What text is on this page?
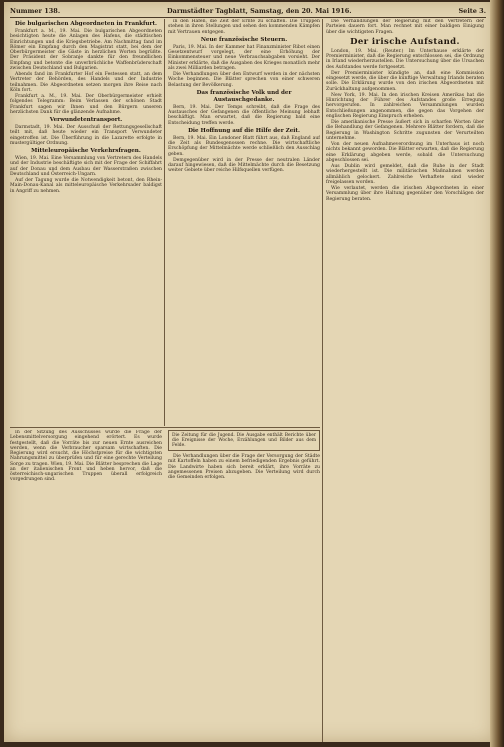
Nummer 138.	Darmstädter Tagblatt, Samstag, den 20. Mai 1916.	Seite 3.
Die bulgarischen Abgeordneten in Frankfurt.

Frankfurt a. M., 19. Mai. Die bulgarischen Abgeordneten besichtigten heute die Anlagen des Hafens, die städtischen Einrichtungen und die Kriegsbetriebe. Am Nachmittag fand im Römer ein Empfang durch den Magistrat statt, bei dem der Oberbürgermeister die Gäste in herzlichen Worten begrüßte. Der Präsident der Sobranje dankte für den freundlichen Empfang und betonte die unverbrüchliche Waffenbrüderschaft zwischen Deutschland und Bulgarien.

Abends fand im Frankfurter Hof ein Festessen statt, an dem Vertreter der Behörden, des Handels und der Industrie teilnahmen. Die Abgeordneten setzen morgen ihre Reise nach Köln fort.

Frankfurt a. M., 19. Mai. Der Oberbürgermeister erhielt folgendes Telegramm: Beim Verlassen der schönen Stadt Frankfurt sagen wir Ihnen und den Bürgern unseren herzlichsten Dank für die glänzende Aufnahme.

Verwundetentransport.

Darmstadt, 19. Mai. Der Ausschuß der Rettungsgesellschaft teilt mit, daß heute wieder ein Transport Verwundeter eingetroffen ist. Die Überführung in die Lazarette erfolgte in mustergültiger Ordnung.

Mitteleuropäische Verkehrsfragen.

Wien, 19. Mai. Eine Versammlung von Vertretern des Handels und der Industrie beschäftigte sich mit der Frage der Schiffahrt auf der Donau und dem Ausbau der Wasserstraßen zwischen Deutschland und Österreich-Ungarn.

Auf der Tagung wurde die Notwendigkeit betont, den Rhein-Main-Donau-Kanal als mitteleuropäische Verkehrsader baldigst in Angriff zu nehmen.

in den Hafen, die Zeit der Ernte zu schaffen. Die Truppen stehen in ihren Stellungen und sehen den kommenden Kämpfen mit Vertrauen entgegen.

Neue französische Steuern.

Paris, 19. Mai. In der Kammer hat Finanzminister Ribot einen Gesetzentwurf vorgelegt, der eine Erhöhung der Einkommensteuer und neue Verbrauchsabgaben vorsieht. Der Minister erklärte, daß die Ausgaben des Krieges monatlich mehr als zwei Milliarden betragen.

Die Verhandlungen über den Entwurf werden in der nächsten Woche beginnen. Die Blätter sprechen von einer schweren Belastung der Bevölkerung.

Das französische Volk und der Austauschgedanke.

Bern, 19. Mai. Der Temps schreibt, daß die Frage des Austausches der Gefangenen die öffentliche Meinung lebhaft beschäftigt. Man erwartet, daß die Regierung bald eine Entscheidung treffen werde.

Die Hoffnung auf die Hilfe der Zeit.

Bern, 19. Mai. Ein Londoner Blatt führt aus, daß England auf die Zeit als Bundesgenossen rechne. Die wirtschaftliche Erschöpfung der Mittelmächte werde schließlich den Ausschlag geben.

Demgegenüber wird in der Presse der neutralen Länder darauf hingewiesen, daß die Mittelmächte durch die Besetzung weiter Gebiete über reiche Hilfsquellen verfügen.

Die Verhandlungen der Regierung mit den Vertretern der Parteien dauern fort. Man rechnet mit einer baldigen Einigung über die wichtigsten Fragen.

Der irische Aufstand.

London, 19. Mai. (Reuter.) Im Unterhause erklärte der Premierminister, daß die Regierung entschlossen sei, die Ordnung in Irland wiederherzustellen. Die Untersuchung über die Ursachen des Aufstandes werde fortgesetzt.

Der Premierminister kündigte an, daß eine Kommission eingesetzt werde, die über die künftige Verwaltung Irlands beraten solle. Die Erklärung wurde von den irischen Abgeordneten mit Zurückhaltung aufgenommen.

New York, 19. Mai. In den irischen Kreisen Amerikas hat die Hinrichtung der Führer des Aufstandes große Erregung hervorgerufen. In zahlreichen Versammlungen wurden Entschließungen angenommen, die gegen das Vorgehen der englischen Regierung Einspruch erheben.

Die amerikanische Presse äußert sich in scharfen Worten über die Behandlung der Gefangenen. Mehrere Blätter fordern, daß die Regierung in Washington Schritte zugunsten der Verurteilten unternehme.

Von der neuen Aufnahmeverordnung im Unterhaus ist noch nichts bekannt geworden. Die Blätter erwarten, daß die Regierung eine Erklärung abgeben werde, sobald die Untersuchung abgeschlossen sei.

Aus Dublin wird gemeldet, daß die Ruhe in der Stadt wiederhergestellt ist. Die militärischen Maßnahmen werden allmählich gelockert. Zahlreiche Verhaftete sind wieder freigelassen worden.

Wie verlautet, werden die irischen Abgeordneten in einer Versammlung über ihre Haltung gegenüber den Vorschlägen der Regierung beraten.

In der Sitzung des Ausschusses wurde die Frage der Lebensmittelversorgung eingehend erörtert. Es wurde festgestellt, daß die Vorräte bis zur neuen Ernte ausreichen werden, wenn die Verbraucher sparsam wirtschaften. Die Regierung wird ersucht, die Höchstpreise für die wichtigsten Nahrungsmittel zu überprüfen und für eine gerechte Verteilung Sorge zu tragen. Wien, 19. Mai. Die Blätter besprechen die Lage an der italienischen Front und heben hervor, daß die österreichisch-ungarischen Truppen überall erfolgreich vorgedrungen sind.

Die Zeitung für die Jugend. Die Ausgabe enthält Berichte über die Ereignisse der Woche, Erzählungen und Bilder aus dem Felde.

Die Verhandlungen über die Frage der Versorgung der Städte mit Kartoffeln haben zu einem befriedigenden Ergebnis geführt. Die Landwirte haben sich bereit erklärt, ihre Vorräte zu angemessenen Preisen abzugeben. Die Verteilung wird durch die Gemeinden erfolgen.
